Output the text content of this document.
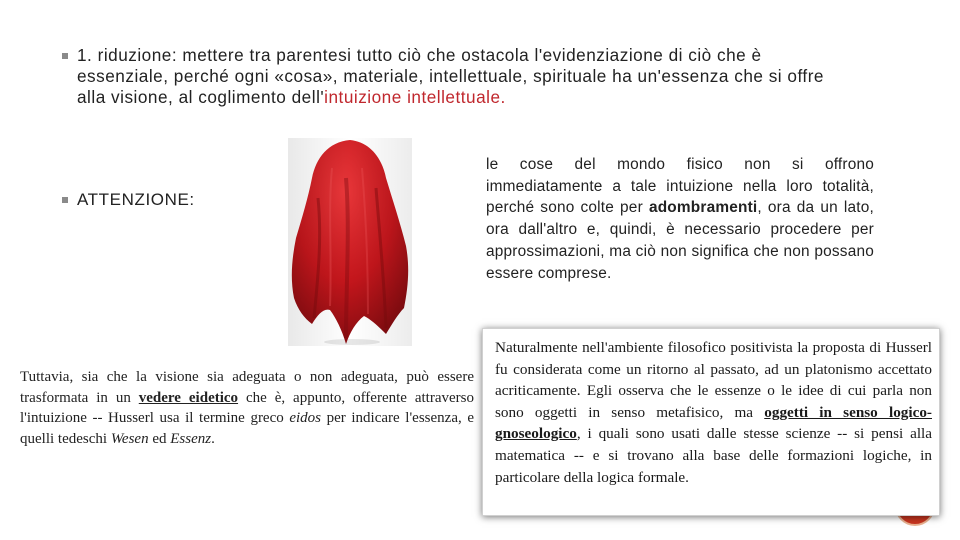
1. riduzione: mettere tra parentesi tutto ciò che ostacola l'evidenziazione di ciò che è essenziale, perché ogni «cosa», materiale, intellettuale, spirituale ha un'essenza che si offre alla visione, al coglimento dell'intuizione intellettuale.
ATTENZIONE:
le cose del mondo fisico non si offrono immediatamente a tale intuizione nella loro totalità, perché sono colte per adombramenti, ora da un lato, ora dall'altro e, quindi, è necessario procedere per approssimazioni, ma ciò non significa che non possano essere comprese.
Tuttavia, sia che la visione sia adeguata o non adeguata, può essere trasformata in un vedere eidetico che è, appunto, offerente attraverso l'intuizione -- Husserl usa il termine greco eidos per indicare l'essenza, e quelli tedeschi Wesen ed Essenz.
Naturalmente nell'ambiente filosofico positivista la proposta di Husserl fu considerata come un ritorno al passato, ad un platonismo accettato acriticamente. Egli osserva che le essenze o le idee di cui parla non sono oggetti in senso metafisico, ma oggetti in senso logico-gnoseologico, i quali sono usati dalle stesse scienze -- si pensi alla matematica -- e si trovano alla base delle formazioni logiche, in particolare della logica formale.
